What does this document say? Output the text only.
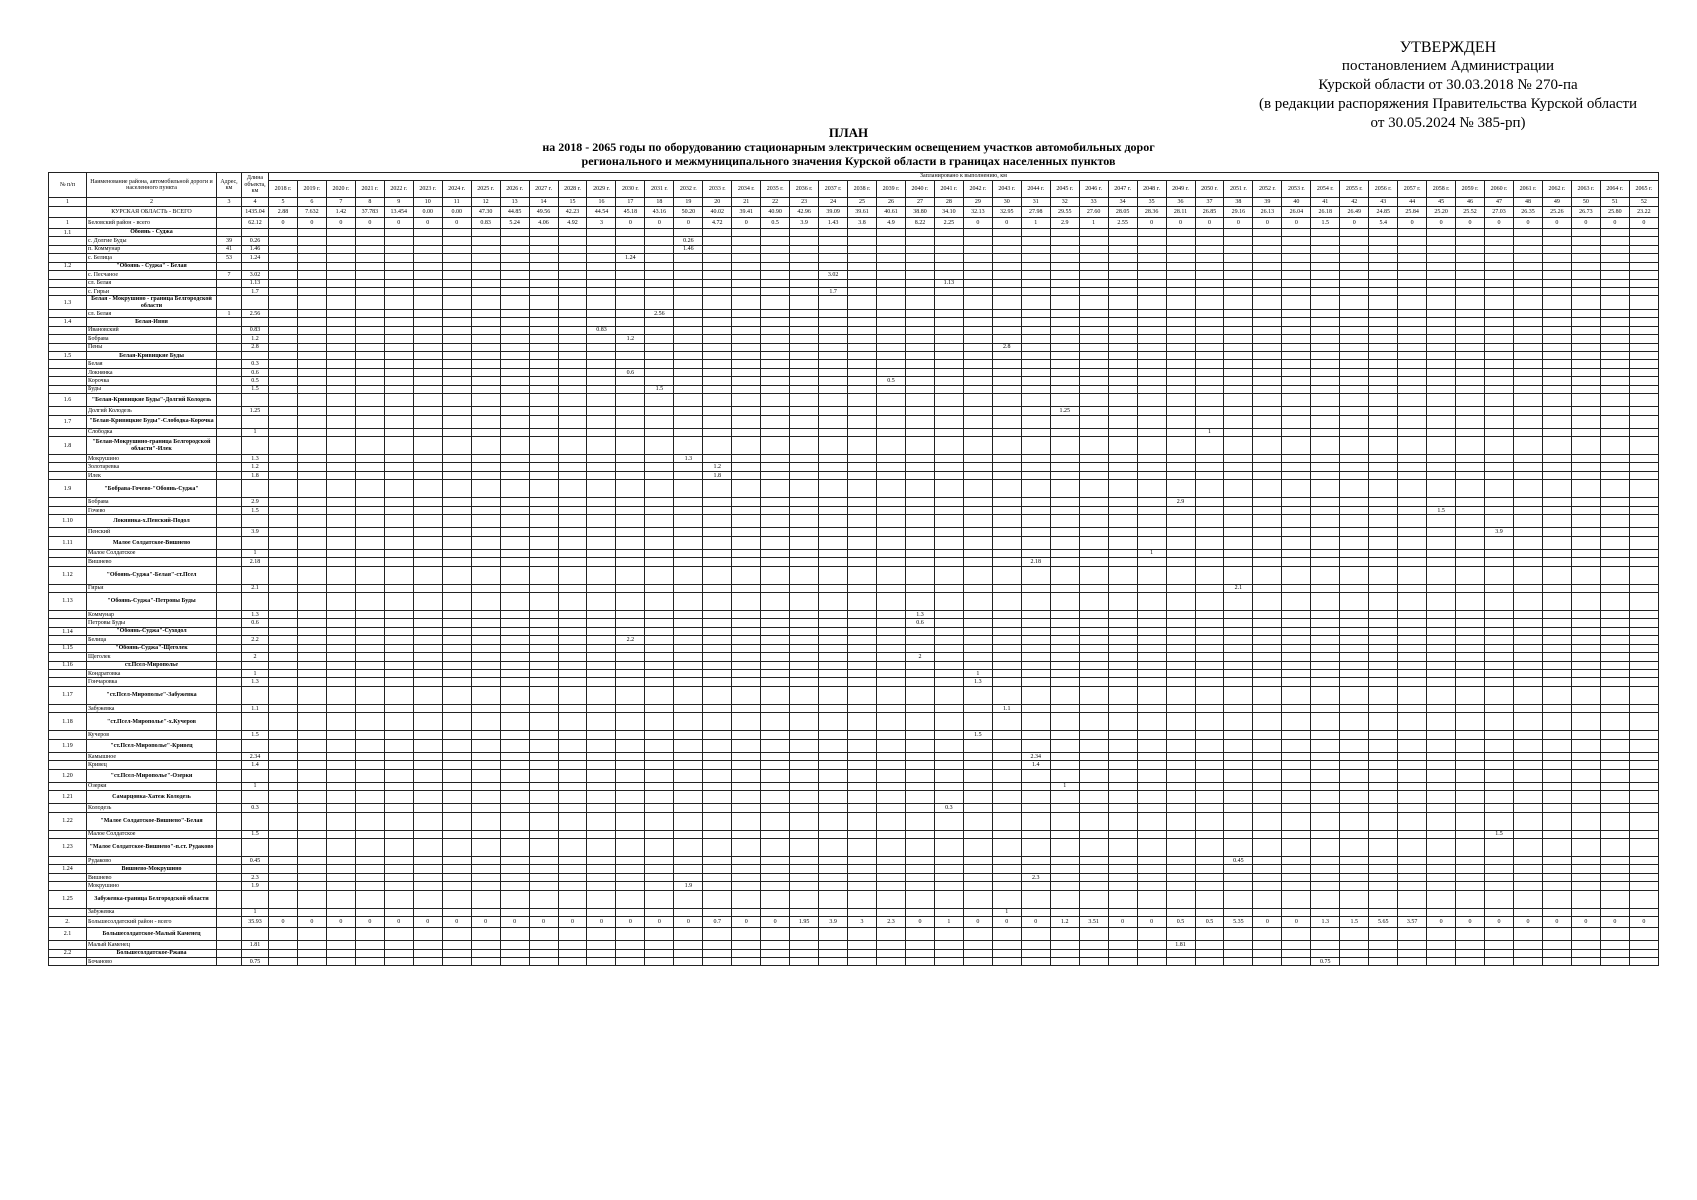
УТВЕРЖДЕН
постановлением Администрации
Курской области от 30.03.2018 № 270-па
(в редакции распоряжения Правительства Курской области
от 30.05.2024 № 385-рп)
ПЛАН
на 2018 - 2065 годы по оборудованию стационарным электрическим освещением участков автомобильных дорог
регионального и межмуниципального значения Курской области в границах населенных пунктов
№ п/п	Наименование района, автомобильной дороги и населенного пункта	Адрес, км	Длина объекта, км	Запланировано к выполнению, км																																															
				2018 г.	2019 г.	2020 г.	2021 г.	2022 г.	2023 г.	2024 г.	2025 г.	2026 г.	2027 г.	2028 г.	2029 г.	2030 г.	2031 г.	2032 г.	2033 г.	2034 г.	2035 г.	2036 г.	2037 г.	2038 г.	2039 г.	2040 г.	2041 г.	2042 г.	2043 г.	2044 г.	2045 г.	2046 г.	2047 г.	2048 г.	2049 г.	2050 г.	2051 г.	2052 г.	2053 г.	2054 г.	2055 г.	2056 г.	2057 г.	2058 г.	2059 г.	2060 г.	2061 г.	2062 г.	2063 г.	2064 г.	2065 г.
1	2	3	4	5	6	7	8	9	10	11	12	13	14	15	16	17	18	19	20	21	22	23	24	25	26	27	28	29	30	31	32	33	34	35	36	37	38	39	40	41	42	43	44	45	46	47	48	49	50	51	52
	КУРСКАЯ ОБЛАСТЬ - ВСЕГО		1435.04	2.88	7.632	1.42	37.783	13.454	0.00	0.00	47.30	44.85	49.56	42.23	44.54	45.18	43.16	50.20	40.02	39.41	40.90	42.96	39.09	39.61	40.61	38.80	34.10	32.13	32.95	27.98	29.55	27.60	28.05	28.36	28.11	26.85	29.16	26.13	26.04	26.18	26.49	24.85	25.84	25.20	25.52	27.03	26.35	25.26	26.73	25.80	23.22
1	Беловский район - всего		62.12	0	0	0	0	0	0	0	0.83	5.24	4.06	4.92	3	0	0	0	4.72	0	0.5	3.9	1.43	3.8	4.9	8.22	2.25	0	0	1	2.9	1	2.55	0	0	0	0	0	0	1.5	0	5.4	0	0	0	0	0	0	0	0	0
1.1	Обоянь - Суджа																																																		
	с. Долгие Буды	39	0.26															0.26																																	
	п. Коммунар	41	1.46															1.46																																	
	с. Белица	53	1.24													1.24																																			
1.2	"Обоянь - Суджа" - Белая																																																		
	с. Песчаное	7	3.02																				3.02																												
	сл. Белая		1.13																								1.13																								
	с. Гирьи		1.7																				1.7																												
1.3	Белая - Мокрушино - граница Белгородской области																																																		
	сл. Белая	1	2.56														2.56																																		
1.4	Белая-Ивня																																																		
	Ивановский		0.83												0.83																																				
	Бобрава		1.2													1.2																																			
	Пены		2.8																										2.8																						
1.5	Белая-Кривицкие Буды																																																		
	Белая		0.3																																																
	Локнянка		0.6													0.6																																			
	Корочка		0.5																						0.5																										
	Буды		1.5														1.5																																		
1.6	"Белая-Кривицкие Буды"-Долгий Колодезь																																																		
	Долгий Колодезь		1.25																												1.25																				
1.7	"Белая-Кривицкие Буды"-Слободка-Корочка																																																		
	Слободка		1																																	1															
1.8	"Белая-Мокрушино-граница Белгородской области"-Илек																																																		
	Мокрушино		1.3															1.3																																	
	Золотаревка		1.2																1.2																																
	Илек		1.8																1.8																																
1.9	"Бобрава-Гочево-"Обоянь-Суджа"																																																		
	Бобрава		2.9																																2.9																
	Гочево		1.5																																									1.5							
1.10	Локнянка-х.Пенский-Подол																																																		
	Пенский		3.9																																											3.9					
1.11	Малое Солдатское-Вишнево																																																		
	Малое Солдатское		1																															1																	
	Вишнево		2.18																											2.18																					
1.12	"Обоянь-Суджа"-Белая"-ст.Псел																																																		
	Гирьи		2.1																																		2.1														
1.13	"Обоянь-Суджа"-Петровы Буды																																																		
	Коммунар		1.3																							1.3																									
	Петровы Буды		0.6																							0.6																									
1.14	"Обоянь-Суджа"-Суходол																																																		
	Белица		2.2													2.2																																			
1.15	"Обоянь-Суджа"-Щеголек																																																		
	Щеголек		2																							2																									
1.16	ст.Псел-Мирополье																																																		
	Кондратовка		1																									1																							
	Гончаровка		1.3																									1.3																							
1.17	"ст.Псел-Мирополье"-Забужевка																																																		
	Забужевка		1.1																										1.1																						
1.18	"ст.Псел-Мирополье"-х.Кучеров																																																		
	Кучеров		1.5																									1.5																							
1.19	"ст.Псел-Мирополье"-Кривец																																																		
	Камышное		2.34																											2.34																					
	Кривец		1.4																											1.4																					
1.20	"ст.Псел-Мирополье"-Озерки																																																		
	Озерки		1																												1																				
1.21	Самарцовка-Хатеж Колодезь																																																		
	Колодезь		0.3																								0.3																								
1.22	"Малое Солдатское-Вишнево"-Белая																																																		
	Малое Солдатское		1.5																																											1.5					
1.23	"Малое Солдатское-Вишнево"-п.ст. Рудаково																																																		
	Рудаково		0.45																																		0.45														
1.24	Вишнево-Мокрушино																																																		
	Вишнево		2.3																											2.3																					
	Мокрушино		1.9															1.9																																	
1.25	Забужевка-граница Белгородской области																																																		
	Забужевка		1																										1																						
2.	Большесолдатский район - всего		35.93	0	0	0	0	0	0	0	0	0	0	0	0	0	0	0	0.7	0	0	1.95	3.9	3	2.3	0	1	0	0	0	1.2	3.51	0	0	0.5	0.5	5.35	0	0	1.3	1.5	5.65	3.57	0	0	0	0	0	0	0	0
2.1	Большесолдатское-Малый Каменец																																																		
	Малый Каменец		1.81																																1.81																
2.2	Большесолдатское-Ржава																																																		
	Бочаново		0.75																																					0.75											
